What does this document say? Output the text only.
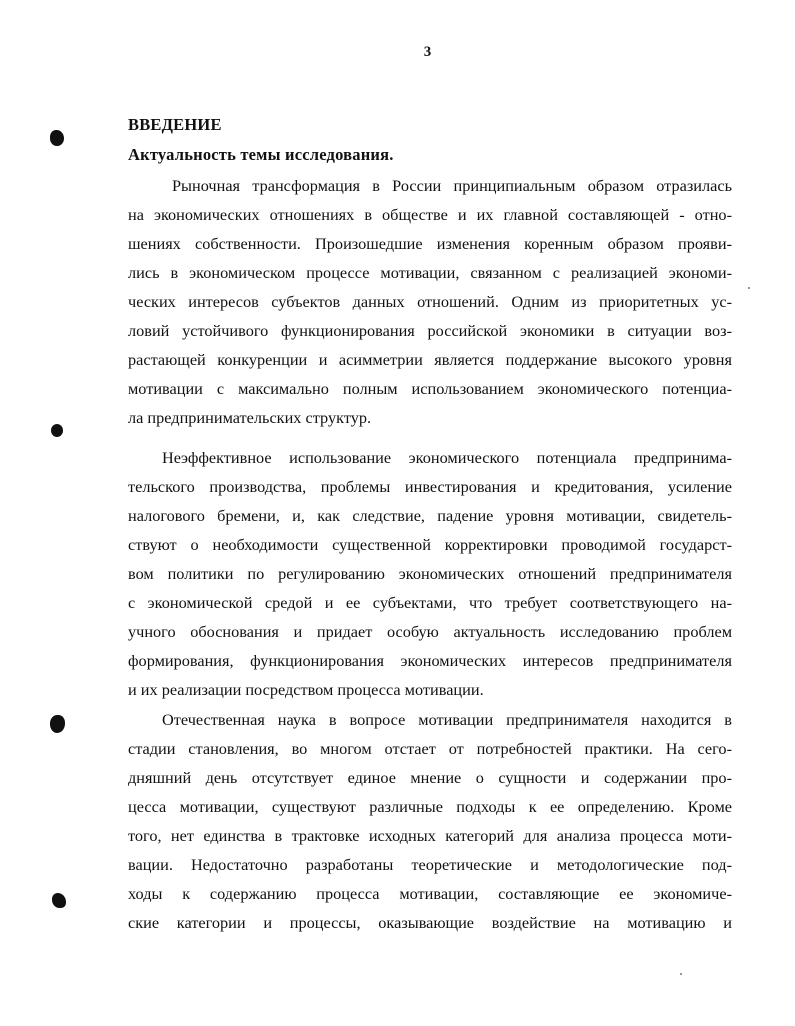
3
ВВЕДЕНИЕ
Актуальность темы исследования.
Рыночная трансформация в России принципиальным образом отразилась
на экономических отношениях в обществе и их главной составляющей - отно-
шениях собственности. Произошедшие изменения коренным образом прояви-
лись в экономическом процессе мотивации, связанном с реализацией экономи-
ческих интересов субъектов данных отношений. Одним из приоритетных ус-
ловий устойчивого функционирования российской экономики в ситуации воз-
растающей конкуренции и асимметрии является поддержание высокого уровня
мотивации с максимально полным использованием экономического потенциа-
ла предпринимательских структур.
Неэффективное использование экономического потенциала предпринима-
тельского производства, проблемы инвестирования и кредитования, усиление
налогового бремени, и, как следствие, падение уровня мотивации, свидетель-
ствуют о необходимости существенной корректировки проводимой государст-
вом политики по регулированию экономических отношений предпринимателя
с экономической средой и ее субъектами, что требует соответствующего на-
учного обоснования и придает особую актуальность исследованию проблем
формирования, функционирования экономических интересов предпринимателя
и их реализации посредством процесса мотивации.
Отечественная наука в вопросе мотивации предпринимателя находится в
стадии становления, во многом отстает от потребностей практики. На сего-
дняшний день отсутствует единое мнение о сущности и содержании про-
цесса мотивации, существуют различные подходы к ее определению. Кроме
того, нет единства в трактовке исходных категорий для анализа процесса моти-
вации. Недостаточно разработаны теоретические и методологические под-
ходы к содержанию процесса мотивации, составляющие ее экономиче-
ские категории и процессы, оказывающие воздействие на мотивацию и
